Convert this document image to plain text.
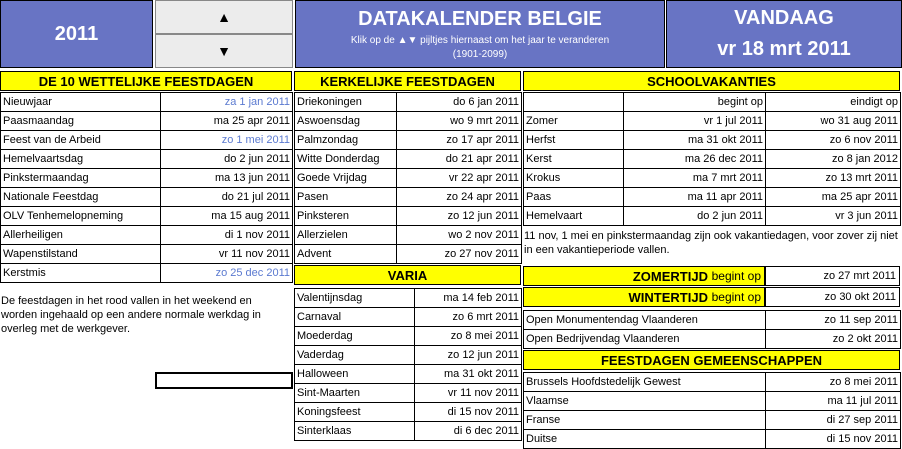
2011
▲
▼
DATAKALENDER BELGIE
Klik op de ▲▼ pijltjes hiernaast om het jaar te veranderen
(1901-2099)
VANDAAG
vr 18 mrt 2011
DE 10 WETTELIJKE FEESTDAGEN
Nieuwjaar	za 1 jan 2011
Paasmaandag	ma 25 apr 2011
Feest van de Arbeid	zo 1 mei 2011
Hemelvaartsdag	do 2 jun 2011
Pinkstermaandag	ma 13 jun 2011
Nationale Feestdag	do 21 jul 2011
OLV Tenhemelopneming	ma 15 aug 2011
Allerheiligen	di 1 nov 2011
Wapenstilstand	vr 11 nov 2011
Kerstmis	zo 25 dec 2011
De feestdagen in het rood vallen in het weekend en worden ingehaald op een andere normale werkdag in overleg met de werkgever.
KERKELIJKE FEESTDAGEN
Driekoningen	do 6 jan 2011
Aswoensdag	wo 9 mrt 2011
Palmzondag	zo 17 apr 2011
Witte Donderdag	do 21 apr 2011
Goede Vrijdag	vr 22 apr 2011
Pasen	zo 24 apr 2011
Pinksteren	zo 12 jun 2011
Allerzielen	wo 2 nov 2011
Advent	zo 27 nov 2011
VARIA
Valentijnsdag	ma 14 feb 2011
Carnaval	zo 6 mrt 2011
Moederdag	zo 8 mei 2011
Vaderdag	zo 12 jun 2011
Halloween	ma 31 okt 2011
Sint-Maarten	vr 11 nov 2011
Koningsfeest	di 15 nov 2011
Sinterklaas	di 6 dec 2011
SCHOOLVAKANTIES
	begint op	eindigt op
Zomer	vr 1 jul 2011	wo 31 aug 2011
Herfst	ma 31 okt 2011	zo 6 nov 2011
Kerst	ma 26 dec 2011	zo 8 jan 2012
Krokus	ma 7 mrt 2011	zo 13 mrt 2011
Paas	ma 11 apr 2011	ma 25 apr 2011
Hemelvaart	do 2 jun 2011	vr 3 jun 2011
11 nov, 1 mei en pinkstermaandag zijn ook vakantiedagen, voor zover zij niet in een vakantieperiode vallen.
ZOMERTIJD
begint op	zo 27 mrt 2011
WINTERTIJD
begint op	zo 30 okt 2011
Open Monumentendag Vlaanderen	zo 11 sep 2011
Open Bedrijvendag Vlaanderen	zo 2 okt 2011
FEESTDAGEN GEMEENSCHAPPEN
Brussels Hoofdstedelijk Gewest	zo 8 mei 2011
Vlaamse	ma 11 jul 2011
Franse	di 27 sep 2011
Duitse	di 15 nov 2011
